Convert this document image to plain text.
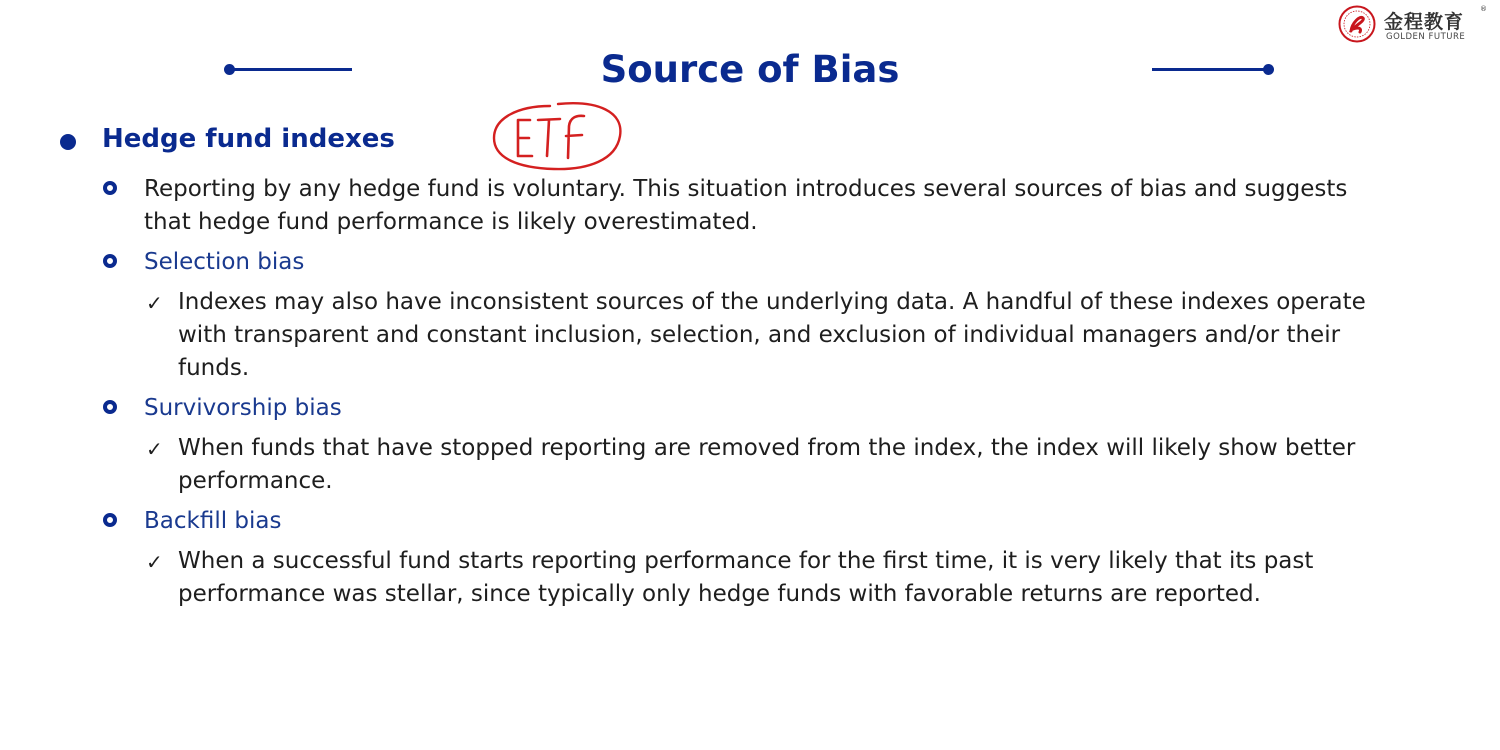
金程教育
®
GOLDEN FUTURE
Source of Bias
Hedge fund indexes
Reporting by any hedge fund is voluntary. This situation introduces several sources of bias and suggests
that hedge fund performance is likely overestimated.
Selection bias
✓ Indexes may also have inconsistent sources of the underlying data. A handful of these indexes operate
with transparent and constant inclusion, selection, and exclusion of individual managers and/or their
funds.
Survivorship bias
✓ When funds that have stopped reporting are removed from the index, the index will likely show better
performance.
Backfill bias
✓ When a successful fund starts reporting performance for the first time, it is very likely that its past
performance was stellar, since typically only hedge funds with favorable returns are reported.
